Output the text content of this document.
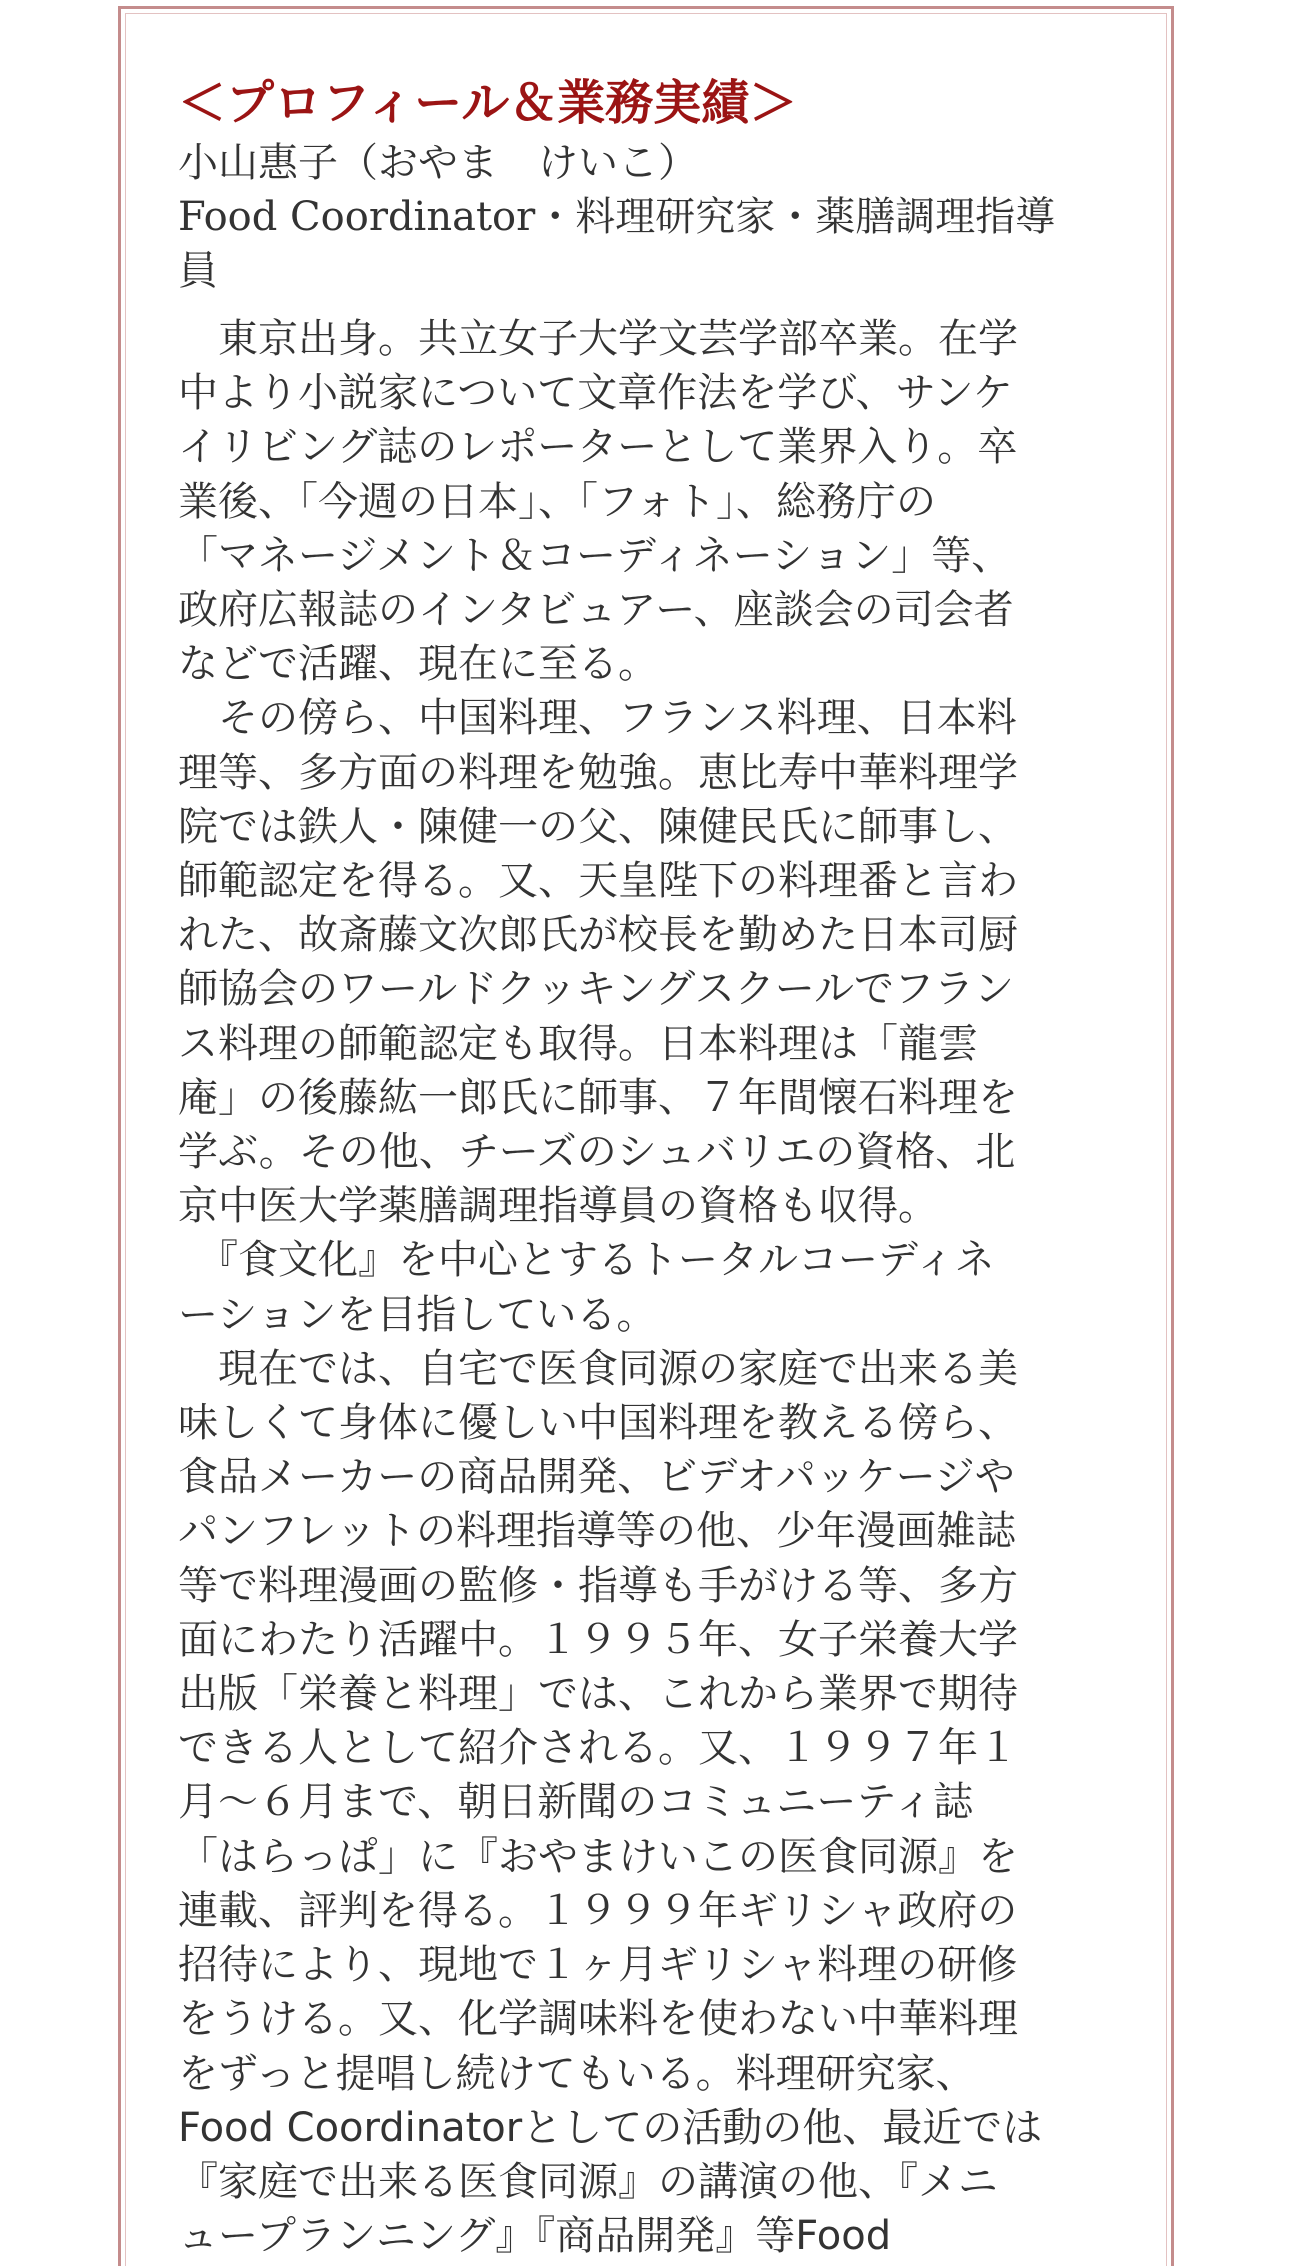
＜プロフィール＆業務実績＞
小山惠子（おやま　けいこ）
Food Coordinator・料理研究家・薬膳調理指導
員
　東京出身。共立女子大学文芸学部卒業。在学
中より小説家について文章作法を学び、サンケ
イリビング誌のレポーターとして業界入り。卒
業後、「今週の日本」、「フォト」、総務庁の
「マネージメント＆コーディネーション」等、
政府広報誌のインタビュアー、座談会の司会者
などで活躍、現在に至る。
　その傍ら、中国料理、フランス料理、日本料
理等、多方面の料理を勉強。恵比寿中華料理学
院では鉄人・陳健一の父、陳健民氏に師事し、
師範認定を得る。又、天皇陛下の料理番と言わ
れた、故斎藤文次郎氏が校長を勤めた日本司厨
師協会のワールドクッキングスクールでフラン
ス料理の師範認定も取得。日本料理は「龍雲
庵」の後藤紘一郎氏に師事、７年間懐石料理を
学ぶ。その他、チーズのシュバリエの資格、北
京中医大学薬膳調理指導員の資格も収得。
　『食文化』を中心とするトータルコーディネ
ーションを目指している。
　現在では、自宅で医食同源の家庭で出来る美
味しくて身体に優しい中国料理を教える傍ら、
食品メーカーの商品開発、ビデオパッケージや
パンフレットの料理指導等の他、少年漫画雑誌
等で料理漫画の監修・指導も手がける等、多方
面にわたり活躍中。１９９５年、女子栄養大学
出版「栄養と料理」では、これから業界で期待
できる人として紹介される。又、１９９７年１
月～６月まで、朝日新聞のコミュニーティ誌
「はらっぱ」に『おやまけいこの医食同源』を
連載、評判を得る。１９９９年ギリシャ政府の
招待により、現地で１ヶ月ギリシャ料理の研修
をうける。又、化学調味料を使わない中華料理
をずっと提唱し続けてもいる。料理研究家、
Food Coordinatorとしての活動の他、最近では
『家庭で出来る医食同源』の講演の他、『メニ
ュープランニング』『商品開発』等Food
